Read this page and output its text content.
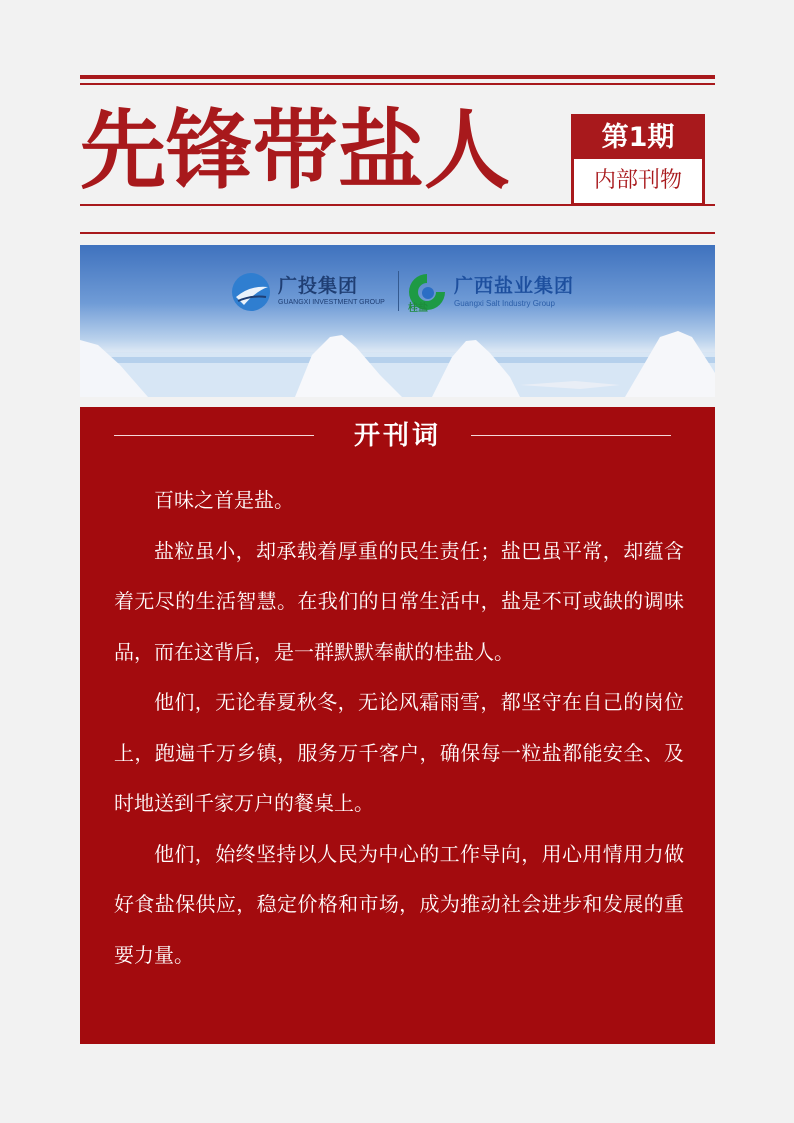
先锋带盐人	第1期
内部刊物
广投集团
GUANGXI INVESTMENT GROUP
桂盐
广西盐业集团
Guangxi Salt Industry Group
开刊词

百味之首是盐。

盐粒虽小，却承载着厚重的民生责任；盐巴虽平常，却蕴含着无尽的生活智慧。在我们的日常生活中，盐是不可或缺的调味品，而在这背后，是一群默默奉献的桂盐人。

他们，无论春夏秋冬，无论风霜雨雪，都坚守在自己的岗位上，跑遍千万乡镇，服务万千客户，确保每一粒盐都能安全、及时地送到千家万户的餐桌上。

他们，始终坚持以人民为中心的工作导向，用心用情用力做好食盐保供应，稳定价格和市场，成为推动社会进步和发展的重要力量。
